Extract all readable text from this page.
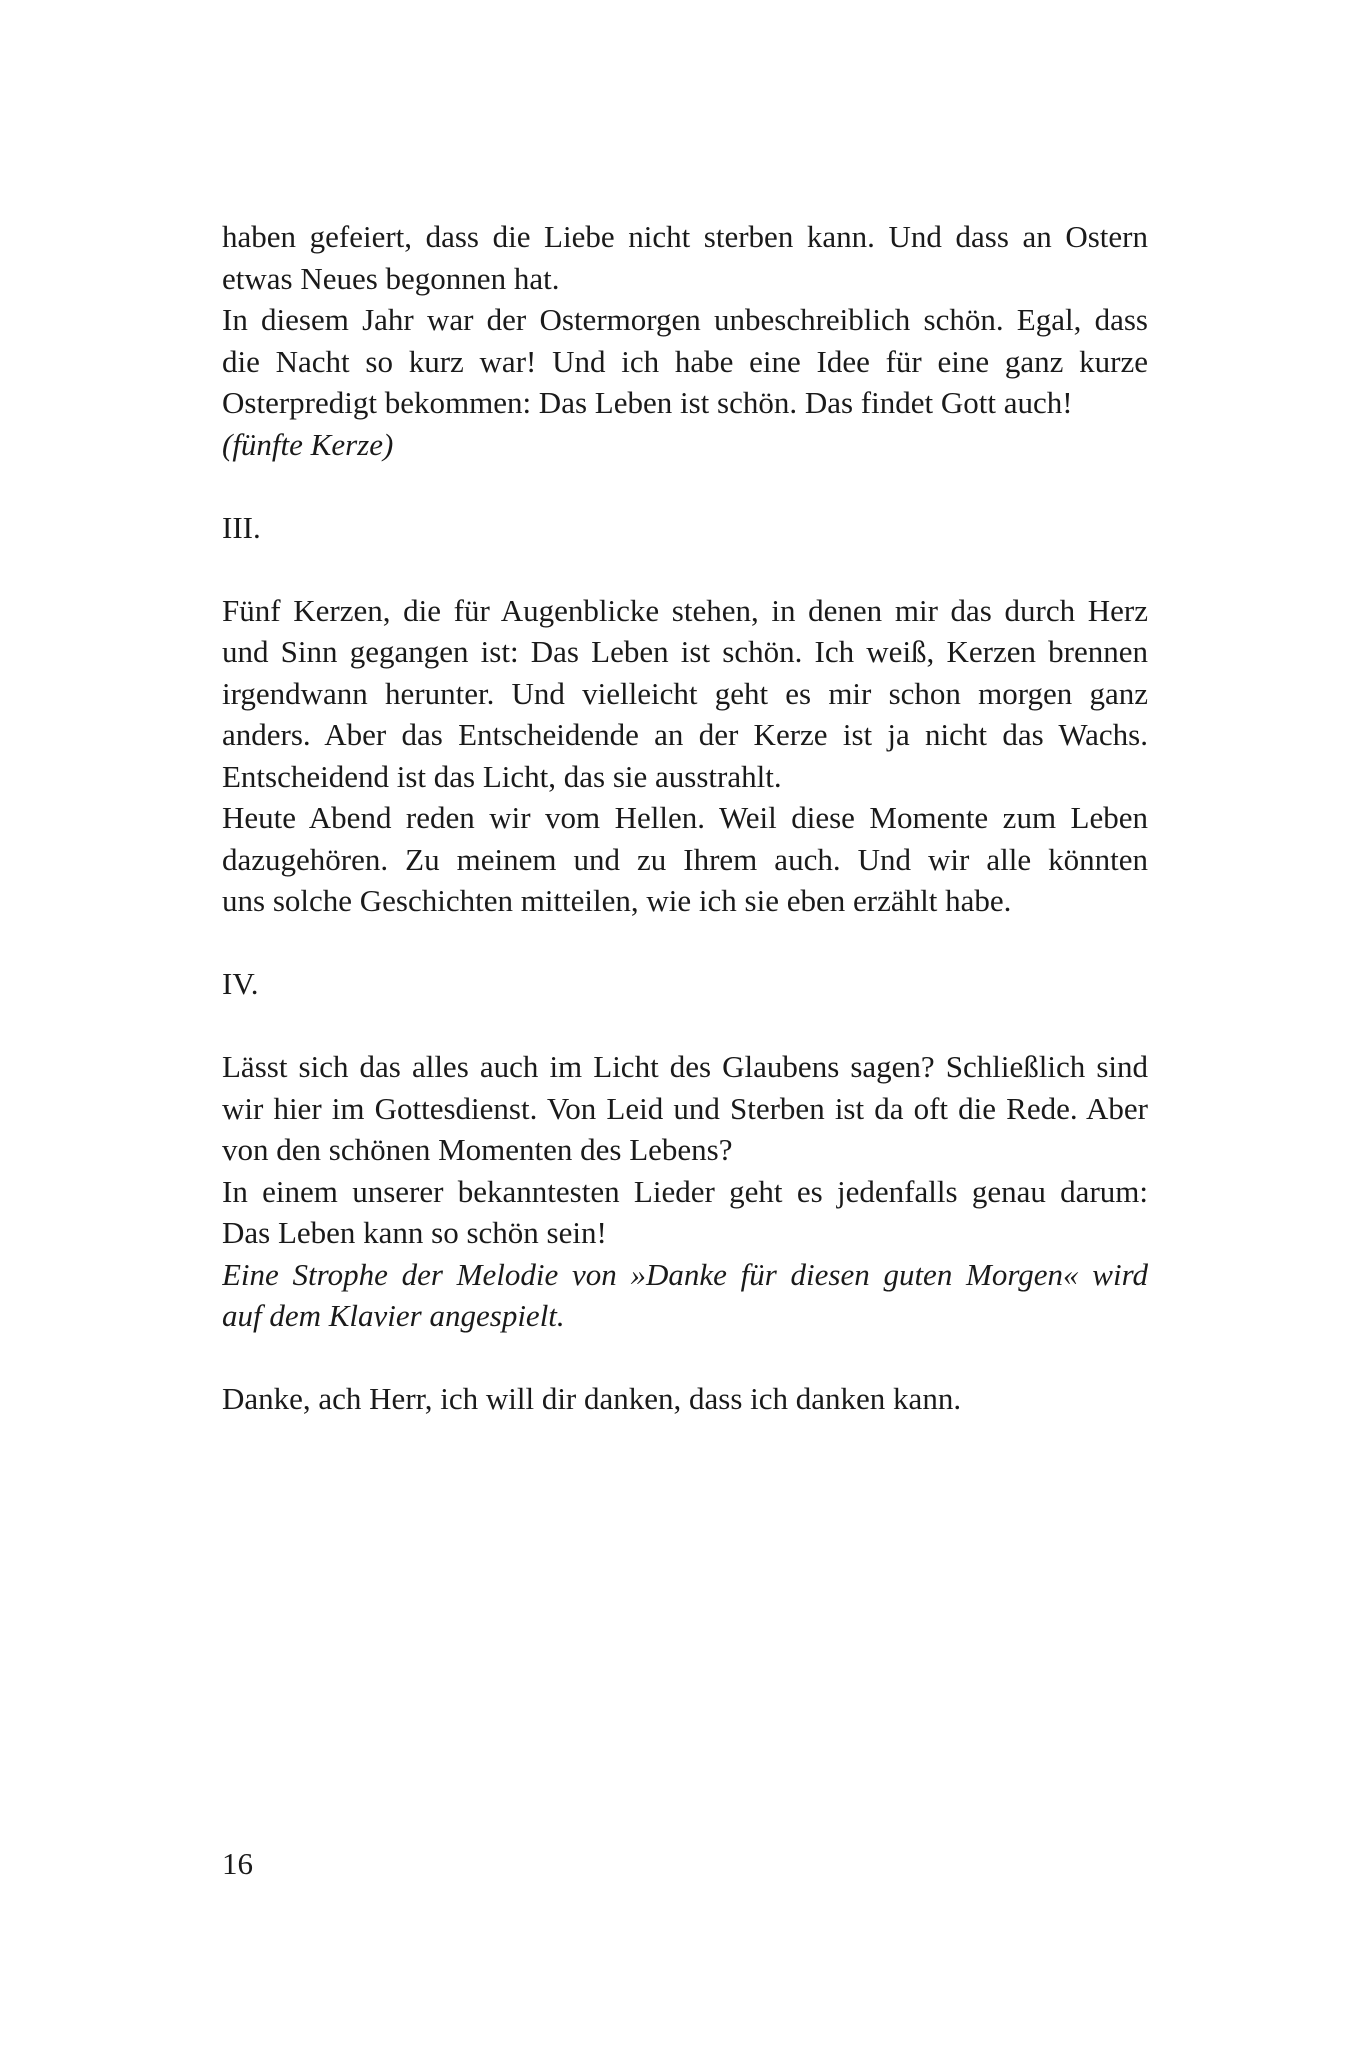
haben gefeiert, dass die Liebe nicht sterben kann. Und dass an Ostern
etwas Neues begonnen hat.
In diesem Jahr war der Ostermorgen unbeschreiblich schön. Egal, dass
die Nacht so kurz war! Und ich habe eine Idee für eine ganz kurze
Osterpredigt bekommen: Das Leben ist schön. Das findet Gott auch!
(fünfte Kerze)
III.
Fünf Kerzen, die für Augenblicke stehen, in denen mir das durch Herz
und Sinn gegangen ist: Das Leben ist schön. Ich weiß, Kerzen brennen
irgendwann herunter. Und vielleicht geht es mir schon morgen ganz
anders. Aber das Entscheidende an der Kerze ist ja nicht das Wachs.
Entscheidend ist das Licht, das sie ausstrahlt.
Heute Abend reden wir vom Hellen. Weil diese Momente zum Leben
dazugehören. Zu meinem und zu Ihrem auch. Und wir alle könnten
uns solche Geschichten mitteilen, wie ich sie eben erzählt habe.
IV.
Lässt sich das alles auch im Licht des Glaubens sagen? Schließlich sind
wir hier im Gottesdienst. Von Leid und Sterben ist da oft die Rede. Aber
von den schönen Momenten des Lebens?
In einem unserer bekanntesten Lieder geht es jedenfalls genau darum:
Das Leben kann so schön sein!
Eine Strophe der Melodie von »Danke für diesen guten Morgen« wird
auf dem Klavier angespielt.
Danke, ach Herr, ich will dir danken, dass ich danken kann.
16
